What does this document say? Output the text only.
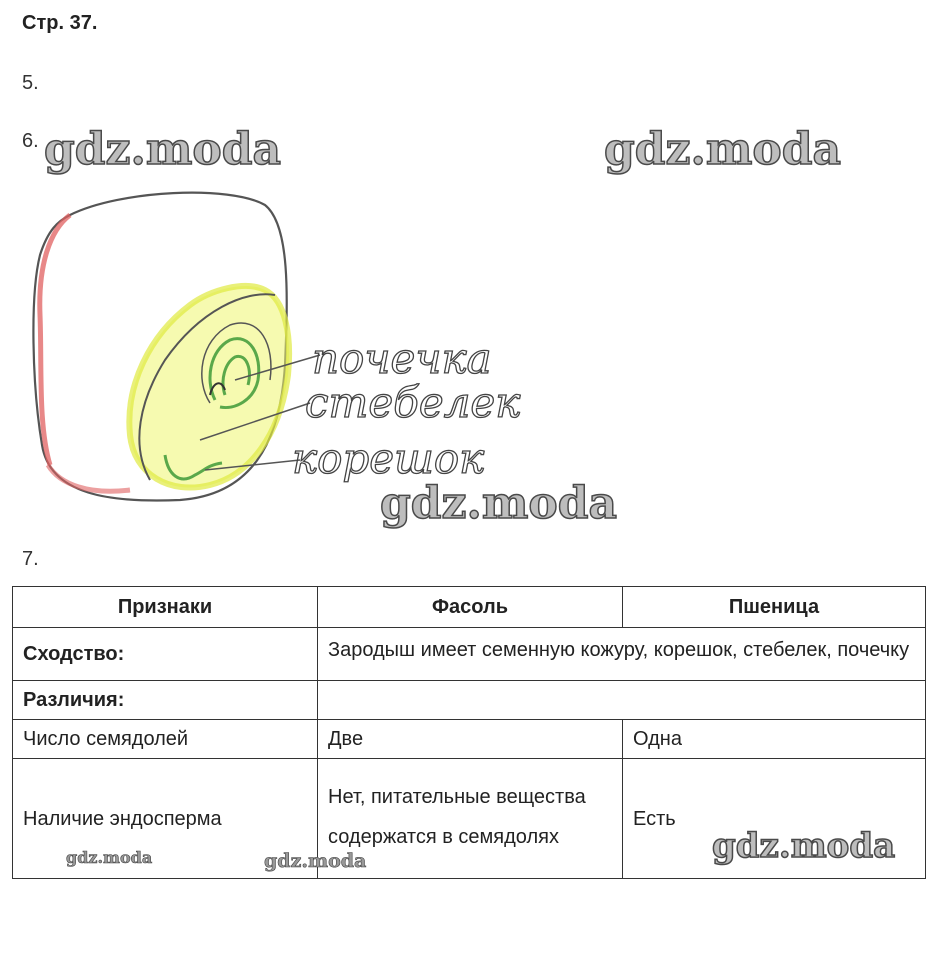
Стр. 37.
5.
6.
7.
gdz.moda	gdz.moda
gdz.moda
почечка
стебелек
корешок
Признаки	Фасоль	Пшеница
Сходство:	Зародыш имеет семенную кожуру, корешок, стебелек, почечку	
Различия:		
Число семядолей	Две	Одна
Наличие эндосперма	Нет, питательные вещества содержатся в семядолях	Есть
gdz.moda	gdz.moda	gdz.moda
